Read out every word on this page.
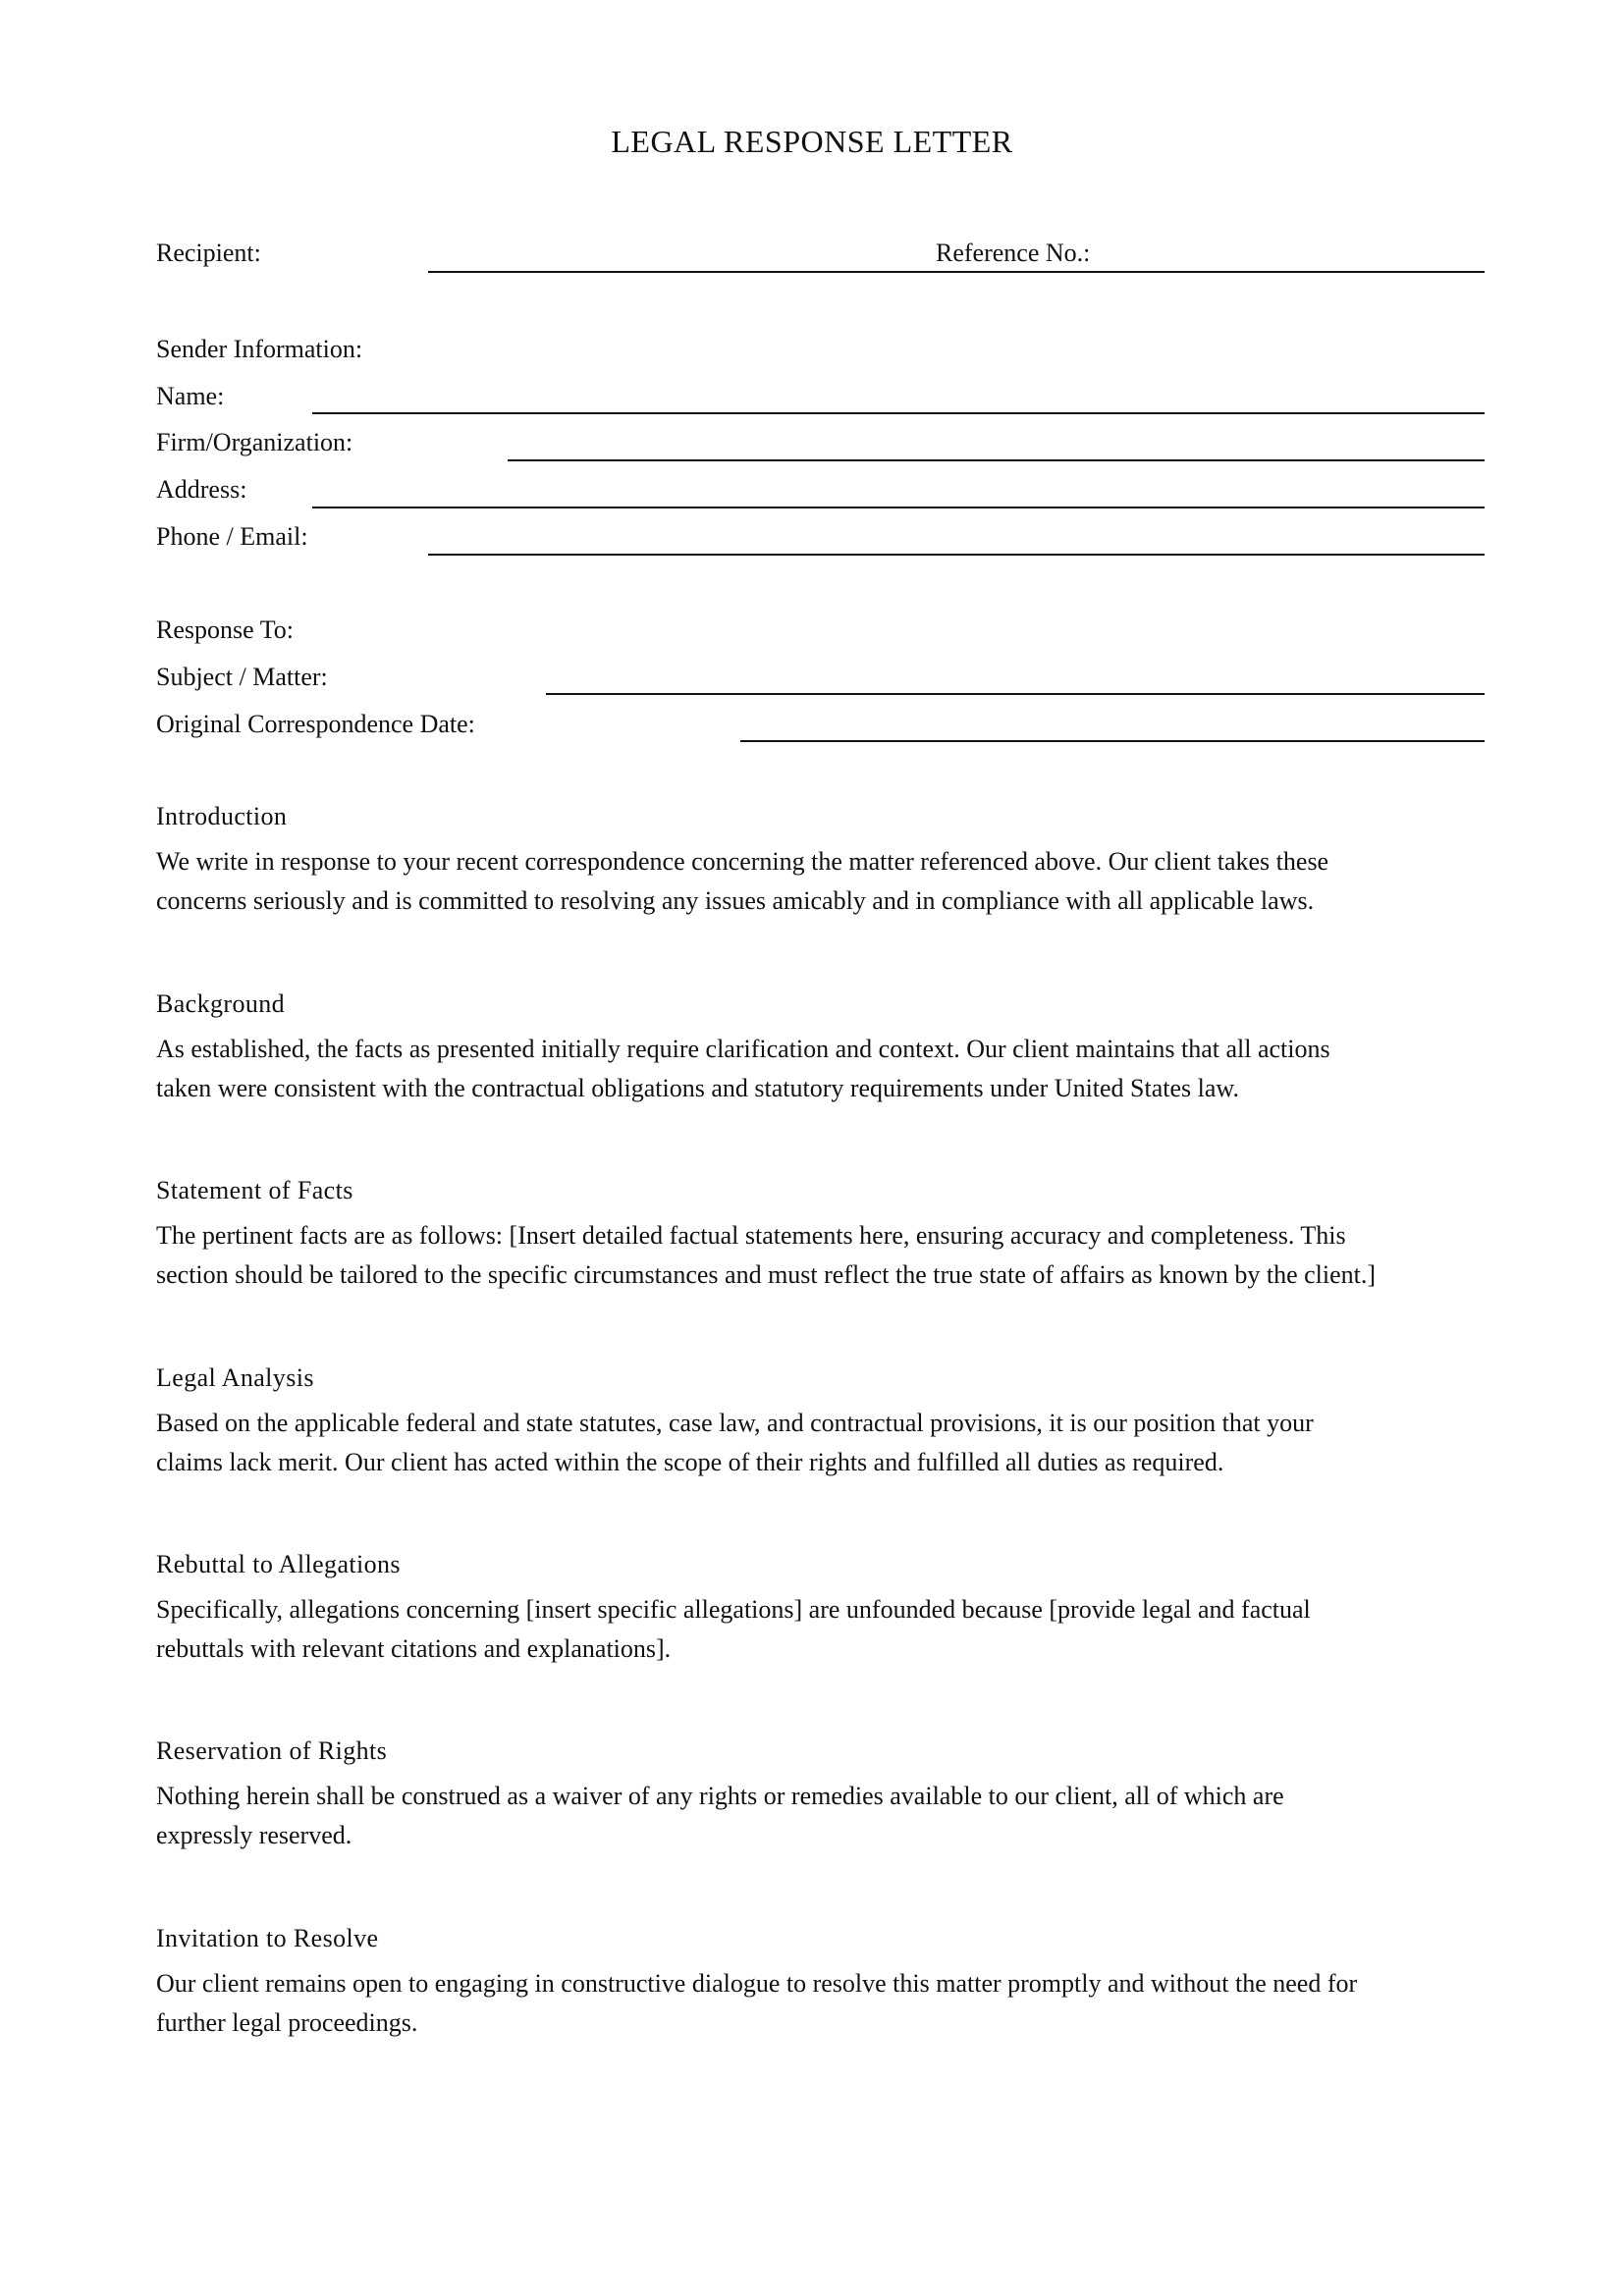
LEGAL RESPONSE LETTER
Recipient:	Reference No.:
Sender Information:
Name:
Firm/Organization:
Address:
Phone / Email:
Response To:
Subject / Matter:
Original Correspondence Date:
Introduction
We write in response to your recent correspondence concerning the matter referenced above. Our client takes these
concerns seriously and is committed to resolving any issues amicably and in compliance with all applicable laws.
Background
As established, the facts as presented initially require clarification and context. Our client maintains that all actions
taken were consistent with the contractual obligations and statutory requirements under United States law.
Statement of Facts
The pertinent facts are as follows: [Insert detailed factual statements here, ensuring accuracy and completeness. This
section should be tailored to the specific circumstances and must reflect the true state of affairs as known by the client.]
Legal Analysis
Based on the applicable federal and state statutes, case law, and contractual provisions, it is our position that your
claims lack merit. Our client has acted within the scope of their rights and fulfilled all duties as required.
Rebuttal to Allegations
Specifically, allegations concerning [insert specific allegations] are unfounded because [provide legal and factual
rebuttals with relevant citations and explanations].
Reservation of Rights
Nothing herein shall be construed as a waiver of any rights or remedies available to our client, all of which are
expressly reserved.
Invitation to Resolve
Our client remains open to engaging in constructive dialogue to resolve this matter promptly and without the need for
further legal proceedings.
